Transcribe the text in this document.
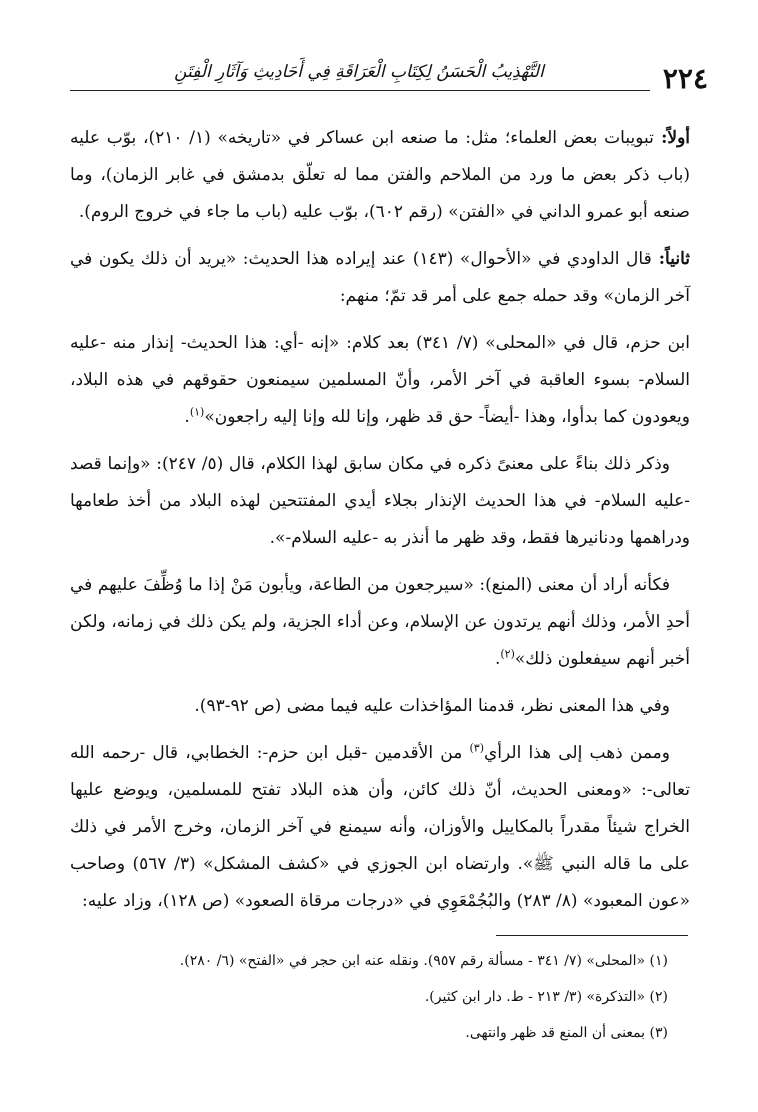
٢٢٤
التَّهْذِيبُ الْحَسَنُ لِكِتَابِ الْعَرَاقَةِ فِي أَحَادِيثِ وَآثَارِ الْفِتَنِ

أولاً: تبويبات بعض العلماء؛ مثل: ما صنعه ابن عساكر في «تاريخه» (١/ ٢١٠)، بوّب عليه (باب ذكر بعض ما ورد من الملاحم والفتن مما له تعلّق بدمشق في غابر الزمان)، وما صنعه أبو عمرو الداني في «الفتن» (رقم ٦٠٢)، بوّب عليه (باب ما جاء في خروج الروم).

ثانياً: قال الداودي في «الأحوال» (١٤٣) عند إيراده هذا الحديث: «يريد أن ذلك يكون في آخر الزمان» وقد حمله جمع على أمر قد تمّ؛ منهم:

ابن حزم، قال في «المحلى» (٧/ ٣٤١) بعد كلام: «إنه -أي: هذا الحديث- إنذار منه -عليه السلام- بسوء العاقبة في آخر الأمر، وأنّ المسلمين سيمنعون حقوقهم في هذه البلاد، ويعودون كما بدأوا، وهذا -أيضاً- حق قد ظهر، وإنا لله وإنا إليه راجعون»$^{(١)}$.

وذكر ذلك بناءً على معنىً ذكره في مكان سابق لهذا الكلام، قال (٥/ ٢٤٧): «وإنما قصد -عليه السلام- في هذا الحديث الإنذار بجلاء أيدي المفتتحين لهذه البلاد من أخذ طعامها ودراهمها ودنانيرها فقط، وقد ظهر ما أنذر به -عليه السلام-».

فكأنه أراد أن معنى (المنع): «سيرجعون من الطاعة، ويأبون مَنْ إذا ما وُظِّفَ عليهم في أحدِ الأمر، وذلك أنهم يرتدون عن الإسلام، وعن أداء الجزية، ولم يكن ذلك في زمانه، ولكن أخبر أنهم سيفعلون ذلك»$^{(٢)}$.

وفي هذا المعنى نظر، قدمنا المؤاخذات عليه فيما مضى (ص ٩٢-٩٣).

وممن ذهب إلى هذا الرأي$^{(٣)}$ من الأقدمين -قبل ابن حزم-: الخطابي، قال -رحمه الله تعالى-: «ومعنى الحديث، أنّ ذلك كائن، وأن هذه البلاد تفتح للمسلمين، ويوضع عليها الخراج شيئاً مقدراً بالمكاييل والأوزان، وأنه سيمنع في آخر الزمان، وخرج الأمر في ذلك على ما قاله النبي ﷺ». وارتضاه ابن الجوزي في «كشف المشكل» (٣/ ٥٦٧) وصاحب «عون المعبود» (٨/ ٢٨٣) والبُجُمْعَوِي في «درجات مرقاة الصعود» (ص ١٢٨)، وزاد عليه:

(١) «المحلى» (٧/ ٣٤١ - مسألة رقم ٩٥٧). ونقله عنه ابن حجر في «الفتح» (٦/ ٢٨٠).

(٢) «التذكرة» (٣/ ٢١٣ - ط. دار ابن كثير).

(٣) بمعنى أن المنع قد ظهر وانتهى.
